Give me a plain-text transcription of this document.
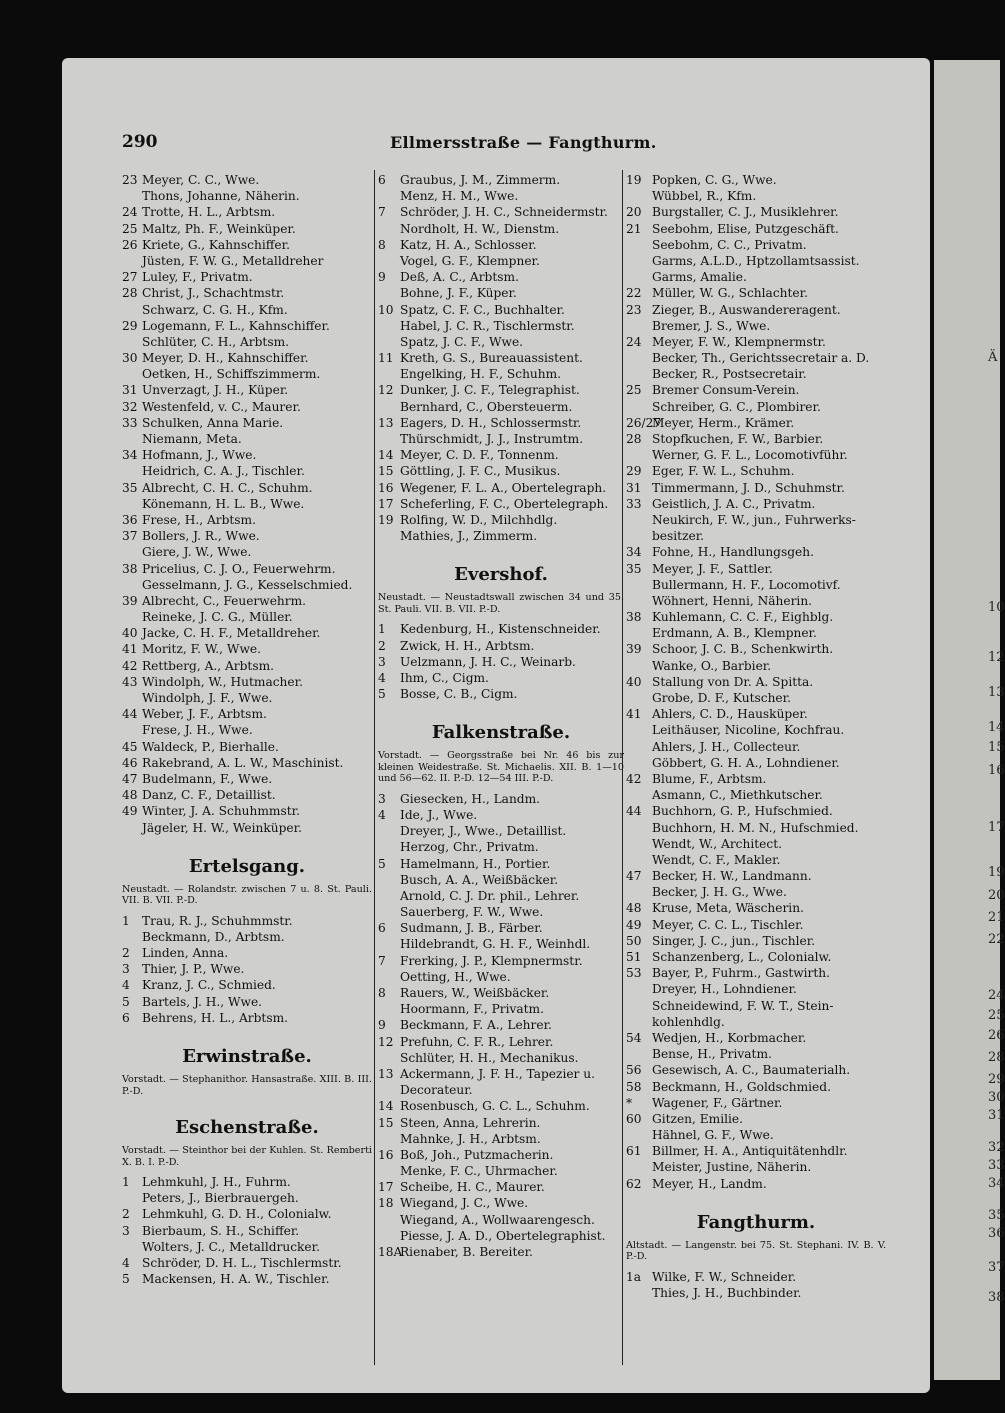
Ä
10
12
13
14
15
16
17
19
20
21
22
24
25
26
28
29
30
31
32
33
34
35
36
37
38
290	Ellmersstraße — Fangthurm.
23 Meyer, C. C., Wwe.
Thons, Johanne, Näherin.
24 Trotte, H. L., Arbtsm.
25 Maltz, Ph. F., Weinküper.
26 Kriete, G., Kahnschiffer.
Jüsten, F. W. G., Metalldreher
27 Luley, F., Privatm.
28 Christ, J., Schachtmstr.
Schwarz, C. G. H., Kfm.
29 Logemann, F. L., Kahnschiffer.
Schlüter, C. H., Arbtsm.
30 Meyer, D. H., Kahnschiffer.
Oetken, H., Schiffszimmerm.
31 Unverzagt, J. H., Küper.
32 Westenfeld, v. C., Maurer.
33 Schulken, Anna Marie.
Niemann, Meta.
34 Hofmann, J., Wwe.
Heidrich, C. A. J., Tischler.
35 Albrecht, C. H. C., Schuhm.
Könemann, H. L. B., Wwe.
36 Frese, H., Arbtsm.
37 Bollers, J. R., Wwe.
Giere, J. W., Wwe.
38 Pricelius, C. J. O., Feuerwehrm.
Gesselmann, J. G., Kesselschmied.
39 Albrecht, C., Feuerwehrm.
Reineke, J. C. G., Müller.
40 Jacke, C. H. F., Metalldreher.
41 Moritz, F. W., Wwe.
42 Rettberg, A., Arbtsm.
43 Windolph, W., Hutmacher.
Windolph, J. F., Wwe.
44 Weber, J. F., Arbtsm.
Frese, J. H., Wwe.
45 Waldeck, P., Bierhalle.
46 Rakebrand, A. L. W., Maschinist.
47 Budelmann, F., Wwe.
48 Danz, C. F., Detaillist.
49 Winter, J. A. Schuhmmstr.
Jägeler, H. W., Weinküper.
Ertelsgang.
Neustadt. — Rolandstr. zwischen 7 u. 8. St. Pauli. VII. B. VII. P.-D.
1 Trau, R. J., Schuhmmstr.
Beckmann, D., Arbtsm.
2 Linden, Anna.
3 Thier, J. P., Wwe.
4 Kranz, J. C., Schmied.
5 Bartels, J. H., Wwe.
6 Behrens, H. L., Arbtsm.
Erwinstraße.
Vorstadt. — Stephanithor. Hansastraße. XIII. B. III. P.-D.
Eschenstraße.
Vorstadt. — Steinthor bei der Kuhlen. St. Remberti X. B. I. P.-D.
1 Lehmkuhl, J. H., Fuhrm.
Peters, J., Bierbrauergeh.
2 Lehmkuhl, G. D. H., Colonialw.
3 Bierbaum, S. H., Schiffer.
Wolters, J. C., Metalldrucker.
4 Schröder, D. H. L., Tischlermstr.
5 Mackensen, H. A. W., Tischler.
6 Graubus, J. M., Zimmerm.
Menz, H. M., Wwe.
7 Schröder, J. H. C., Schneidermstr.
Nordholt, H. W., Dienstm.
8 Katz, H. A., Schlosser.
Vogel, G. F., Klempner.
9 Deß, A. C., Arbtsm.
Bohne, J. F., Küper.
10 Spatz, C. F. C., Buchhalter.
Habel, J. C. R., Tischlermstr.
Spatz, J. C. F., Wwe.
11 Kreth, G. S., Bureauassistent.
Engelking, H. F., Schuhm.
12 Dunker, J. C. F., Telegraphist.
Bernhard, C., Obersteuerm.
13 Eagers, D. H., Schlossermstr.
Thürschmidt, J. J., Instrumtm.
14 Meyer, C. D. F., Tonnenm.
15 Göttling, J. F. C., Musikus.
16 Wegener, F. L. A., Obertelegraph.
17 Scheferling, F. C., Obertelegraph.
19 Rolfing, W. D., Milchhdlg.
Mathies, J., Zimmerm.
Evershof.
Neustadt. — Neustadtswall zwischen 34 und 35. St. Pauli. VII. B. VII. P.-D.
1 Kedenburg, H., Kistenschneider.
2 Zwick, H. H., Arbtsm.
3 Uelzmann, J. H. C., Weinarb.
4 Ihm, C., Cigm.
5 Bosse, C. B., Cigm.
Falkenstraße.
Vorstadt. — Georgsstraße bei Nr. 46 bis zur kleinen Weidestraße. St. Michaelis. XII. B. 1—10 und 56—62. II. P.-D. 12—54 III. P.-D.
3 Giesecken, H., Landm.
4 Ide, J., Wwe.
Dreyer, J., Wwe., Detaillist.
Herzog, Chr., Privatm.
5 Hamelmann, H., Portier.
Busch, A. A., Weißbäcker.
Arnold, C. J. Dr. phil., Lehrer.
Sauerberg, F. W., Wwe.
6 Sudmann, J. B., Färber.
Hildebrandt, G. H. F., Weinhdl.
7 Frerking, J. P., Klempnermstr.
Oetting, H., Wwe.
8 Rauers, W., Weißbäcker.
Hoormann, F., Privatm.
9 Beckmann, F. A., Lehrer.
12 Prefuhn, C. F. R., Lehrer.
Schlüter, H. H., Mechanikus.
13 Ackermann, J. F. H., Tapezier u.
Decorateur.
14 Rosenbusch, G. C. L., Schuhm.
15 Steen, Anna, Lehrerin.
Mahnke, J. H., Arbtsm.
16 Boß, Joh., Putzmacherin.
Menke, F. C., Uhrmacher.
17 Scheibe, H. C., Maurer.
18 Wiegand, J. C., Wwe.
Wiegand, A., Wollwaarengesch.
Piesse, J. A. D., Obertelegraphist.
18ARienaber, B. Bereiter.
19 Popken, C. G., Wwe.
Wübbel, R., Kfm.
20 Burgstaller, C. J., Musiklehrer.
21 Seebohm, Elise, Putzgeschäft.
Seebohm, C. C., Privatm.
Garms, A.L.D., Hptzollamtsassist.
Garms, Amalie.
22 Müller, W. G., Schlachter.
23 Zieger, B., Auswanderеragent.
Bremer, J. S., Wwe.
24 Meyer, F. W., Klempnermstr.
Becker, Th., Gerichtssecretair a. D.
Becker, R., Postsecretair.
25 Bremer Consum-Verein.
Schreiber, G. C., Plombirer.
26/27Meyer, Herm., Krämer.
28 Stopfkuchen, F. W., Barbier.
Werner, G. F. L., Locomotivführ.
29 Eger, F. W. L., Schuhm.
31 Timmermann, J. D., Schuhmstr.
33 Geistlich, J. A. C., Privatm.
Neukirch, F. W., jun., Fuhrwerks-
besitzer.
34 Fohne, H., Handlungsgeh.
35 Meyer, J. F., Sattler.
Bullermann, H. F., Locomotivf.
Wöhnert, Henni, Näherin.
38 Kuhlemann, C. C. F., Eighblg.
Erdmann, A. B., Klempner.
39 Schoor, J. C. B., Schenkwirth.
Wanke, O., Barbier.
40 Stallung von Dr. A. Spitta.
Grobe, D. F., Kutscher.
41 Ahlers, C. D., Hausküper.
Leithäuser, Nicoline, Kochfrau.
Ahlers, J. H., Collecteur.
Göbbert, G. H. A., Lohndiener.
42 Blume, F., Arbtsm.
Asmann, C., Miethkutscher.
44 Buchhorn, G. P., Hufschmied.
Buchhorn, H. M. N., Hufschmied.
Wendt, W., Architect.
Wendt, C. F., Makler.
47 Becker, H. W., Landmann.
Becker, J. H. G., Wwe.
48 Kruse, Meta, Wäscherin.
49 Meyer, C. C. L., Tischler.
50 Singer, J. C., jun., Tischler.
51 Schanzenberg, L., Colonialw.
53 Bayer, P., Fuhrm., Gastwirth.
Dreyer, H., Lohndiener.
Schneidewind, F. W. T., Stein-
kohlenhdlg.
54 Wedjen, H., Korbmacher.
Bense, H., Privatm.
56 Gesewisch, A. C., Baumaterialh.
58 Beckmann, H., Goldschmied.
* Wagener, F., Gärtner.
60 Gitzen, Emilie.
Hähnel, G. F., Wwe.
61 Billmer, H. A., Antiquitätenhdlr.
Meister, Justine, Näherin.
62 Meyer, H., Landm.
Fangthurm.
Altstadt. — Langenstr. bei 75. St. Stephani. IV. B. V. P.-D.
1a Wilke, F. W., Schneider.
Thies, J. H., Buchbinder.
